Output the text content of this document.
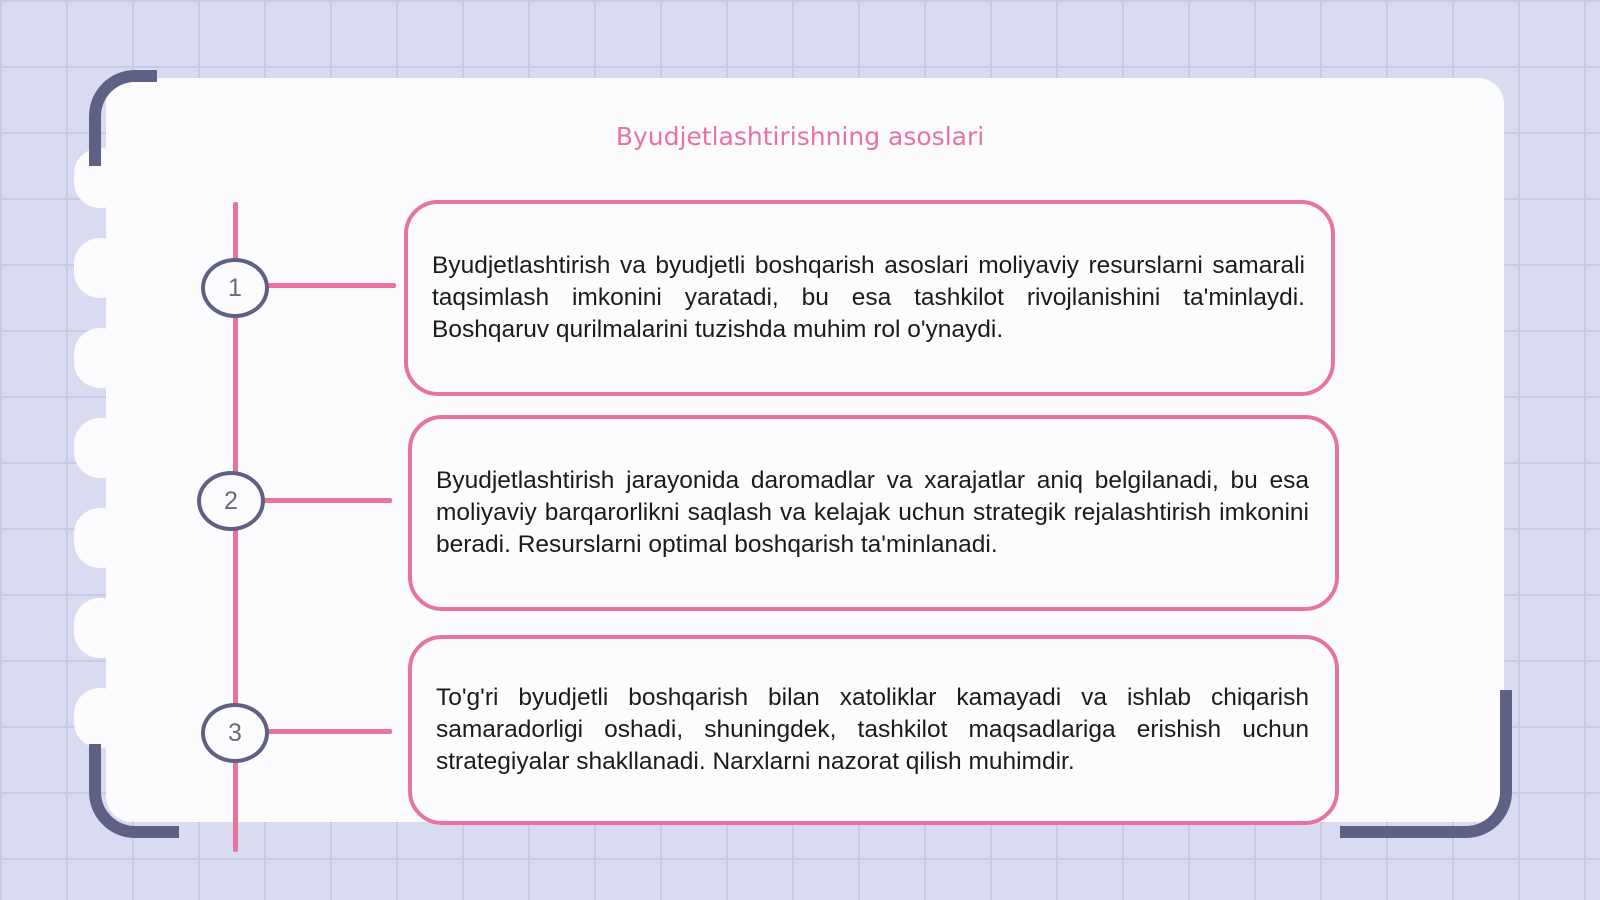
Byudjetlashtirishning asoslari
1

Byudjetlashtirish va byudjetli boshqarish asoslari moliyaviy resurslarni samarali taqsimlash imkonini yaratadi, bu esa tashkilot rivojlanishini ta'minlaydi. Boshqaruv qurilmalarini tuzishda muhim rol o'ynaydi.

2

Byudjetlashtirish jarayonida daromadlar va xarajatlar aniq belgilanadi, bu esa moliyaviy barqarorlikni saqlash va kelajak uchun strategik rejalashtirish imkonini beradi. Resurslarni optimal boshqarish ta'minlanadi.

3

To'g'ri byudjetli boshqarish bilan xatoliklar kamayadi va ishlab chiqarish samaradorligi oshadi, shuningdek, tashkilot maqsadlariga erishish uchun strategiyalar shakllanadi. Narxlarni nazorat qilish muhimdir.
